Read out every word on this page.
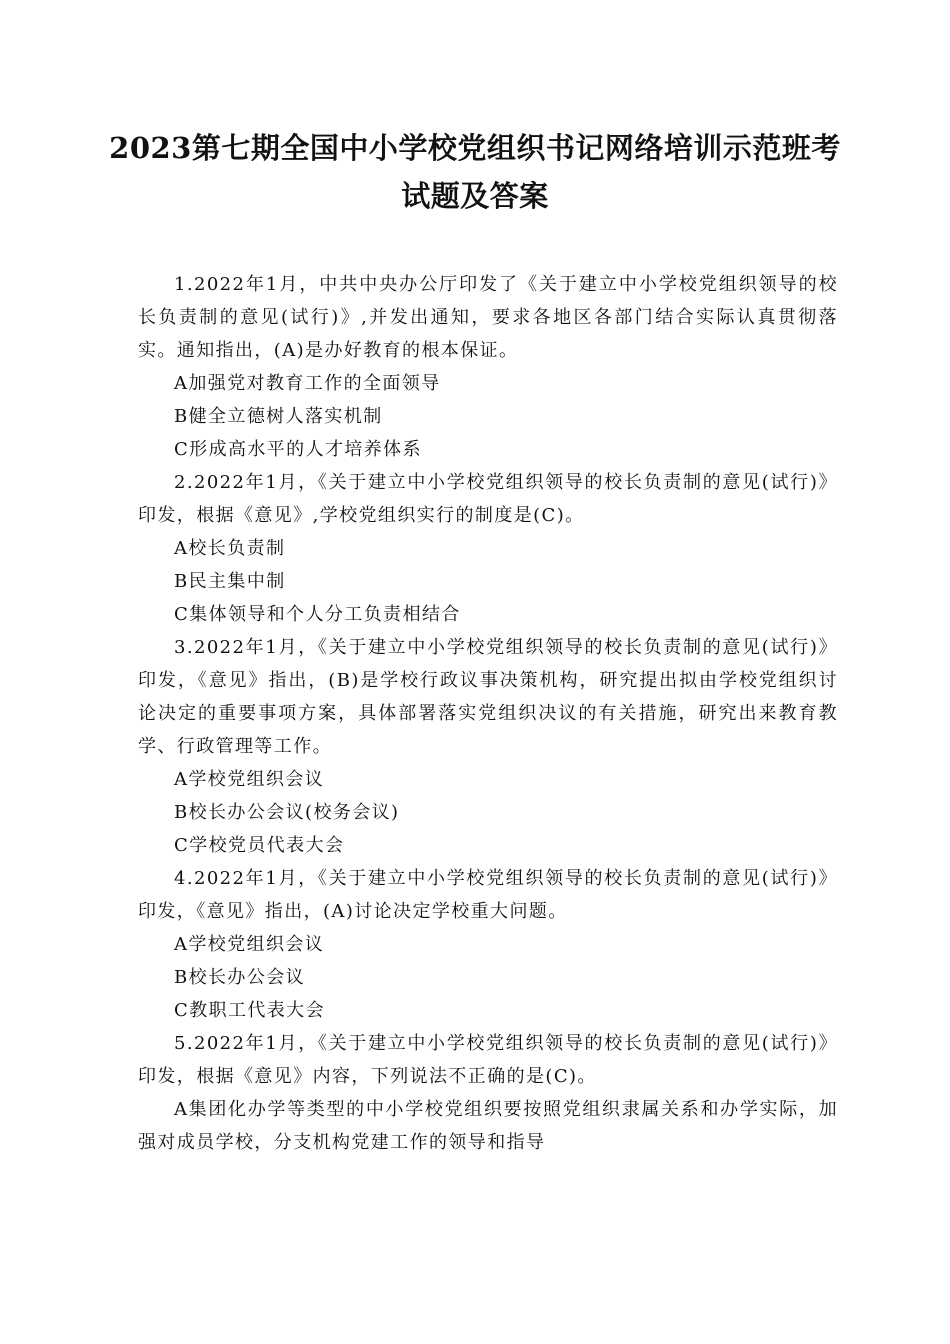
2023第七期全国中小学校党组织书记网络培训示范班考
试题及答案

1.2022年1月，中共中央办公厅印发了《关于建立中小学校党组织领导的校长负责制的意见(试行)》,并发出通知，要求各地区各部门结合实际认真贯彻落实。通知指出，(A)是办好教育的根本保证。

A加强党对教育工作的全面领导

B健全立德树人落实机制

C形成高水平的人才培养体系

2.2022年1月，《关于建立中小学校党组织领导的校长负责制的意见(试行)》印发，根据《意见》,学校党组织实行的制度是(C)。

A校长负责制

B民主集中制

C集体领导和个人分工负责相结合

3.2022年1月，《关于建立中小学校党组织领导的校长负责制的意见(试行)》印发，《意见》指出，(B)是学校行政议事决策机构，研究提出拟由学校党组织讨论决定的重要事项方案，具体部署落实党组织决议的有关措施，研究出来教育教学、行政管理等工作。

A学校党组织会议

B校长办公会议(校务会议)

C学校党员代表大会

4.2022年1月，《关于建立中小学校党组织领导的校长负责制的意见(试行)》印发，《意见》指出，(A)讨论决定学校重大问题。

A学校党组织会议

B校长办公会议

C教职工代表大会

5.2022年1月，《关于建立中小学校党组织领导的校长负责制的意见(试行)》印发，根据《意见》内容，下列说法不正确的是(C)。

A集团化办学等类型的中小学校党组织要按照党组织隶属关系和办学实际，加强对成员学校，分支机构党建工作的领导和指导
